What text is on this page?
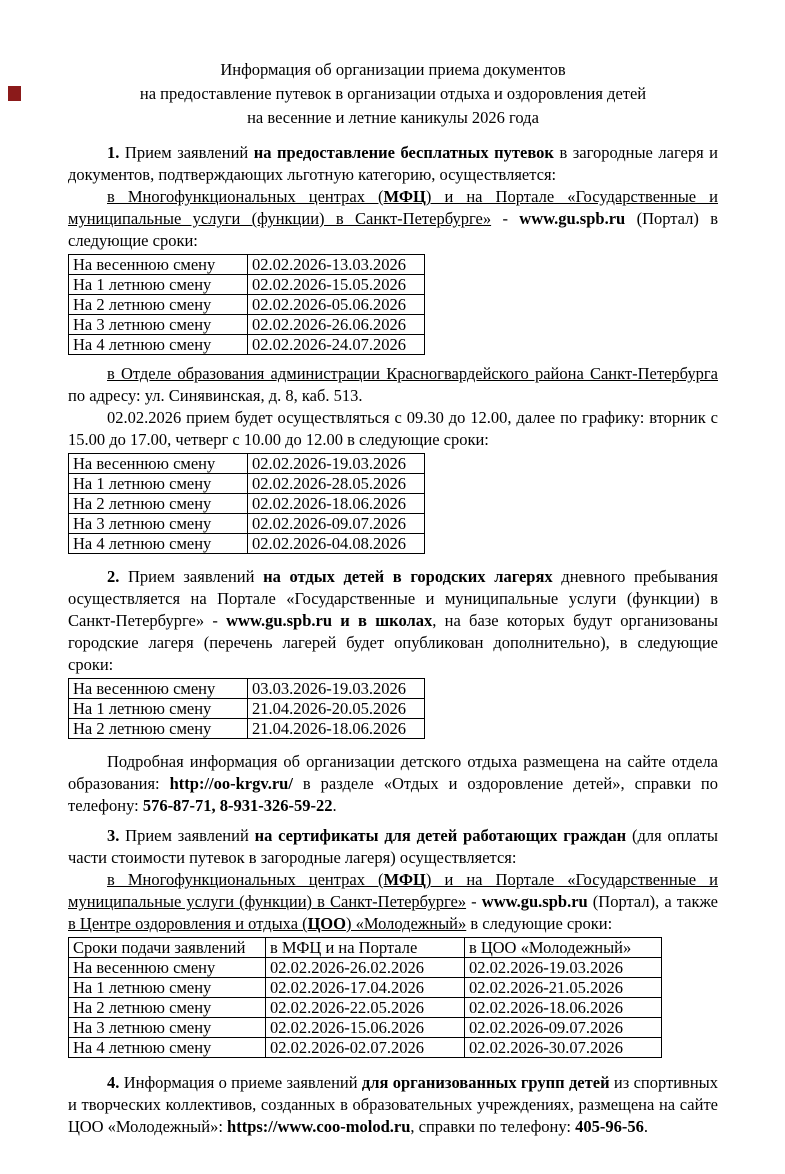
Информация об организации приема документов
на предоставление путевок в организации отдыха и оздоровления детей
на весенние и летние каникулы 2026 года
1. Прием заявлений на предоставление бесплатных путевок в загородные лагеря и документов, подтверждающих льготную категорию, осуществляется:
в Многофункциональных центрах (МФЦ) и на Портале «Государственные и муниципальные услуги (функции) в Санкт-Петербурге» - www.gu.spb.ru (Портал) в следующие сроки:
На весеннюю смену	02.02.2026-13.03.2026
На 1 летнюю смену	02.02.2026-15.05.2026
На 2 летнюю смену	02.02.2026-05.06.2026
На 3 летнюю смену	02.02.2026-26.06.2026
На 4 летнюю смену	02.02.2026-24.07.2026
в Отделе образования администрации Красногвардейского района Санкт-Петербурга по адресу: ул. Синявинская, д. 8, каб. 513.
02.02.2026 прием будет осуществляться с 09.30 до 12.00, далее по графику: вторник с 15.00 до 17.00, четверг с 10.00 до 12.00 в следующие сроки:
На весеннюю смену	02.02.2026-19.03.2026
На 1 летнюю смену	02.02.2026-28.05.2026
На 2 летнюю смену	02.02.2026-18.06.2026
На 3 летнюю смену	02.02.2026-09.07.2026
На 4 летнюю смену	02.02.2026-04.08.2026
2. Прием заявлений на отдых детей в городских лагерях дневного пребывания осуществляется на Портале «Государственные и муниципальные услуги (функции) в Санкт-Петербурге» - www.gu.spb.ru и в школах, на базе которых будут организованы городские лагеря (перечень лагерей будет опубликован дополнительно), в следующие сроки:
На весеннюю смену	03.03.2026-19.03.2026
На 1 летнюю смену	21.04.2026-20.05.2026
На 2 летнюю смену	21.04.2026-18.06.2026
Подробная информация об организации детского отдыха размещена на сайте отдела образования: http://oo-krgv.ru/ в разделе «Отдых и оздоровление детей», справки по телефону: 576-87-71, 8-931-326-59-22.
3. Прием заявлений на сертификаты для детей работающих граждан (для оплаты части стоимости путевок в загородные лагеря) осуществляется:
в Многофункциональных центрах (МФЦ) и на Портале «Государственные и муниципальные услуги (функции) в Санкт-Петербурге» - www.gu.spb.ru (Портал), а также в Центре оздоровления и отдыха (ЦОО) «Молодежный» в следующие сроки:
Сроки подачи заявлений	в МФЦ и на Портале	в ЦОО «Молодежный»
На весеннюю смену	02.02.2026-26.02.2026	02.02.2026-19.03.2026
На 1 летнюю смену	02.02.2026-17.04.2026	02.02.2026-21.05.2026
На 2 летнюю смену	02.02.2026-22.05.2026	02.02.2026-18.06.2026
На 3 летнюю смену	02.02.2026-15.06.2026	02.02.2026-09.07.2026
На 4 летнюю смену	02.02.2026-02.07.2026	02.02.2026-30.07.2026
4. Информация о приеме заявлений для организованных групп детей из спортивных и творческих коллективов, созданных в образовательных учреждениях, размещена на сайте ЦОО «Молодежный»: https://www.coo-molod.ru, справки по телефону: 405-96-56.
